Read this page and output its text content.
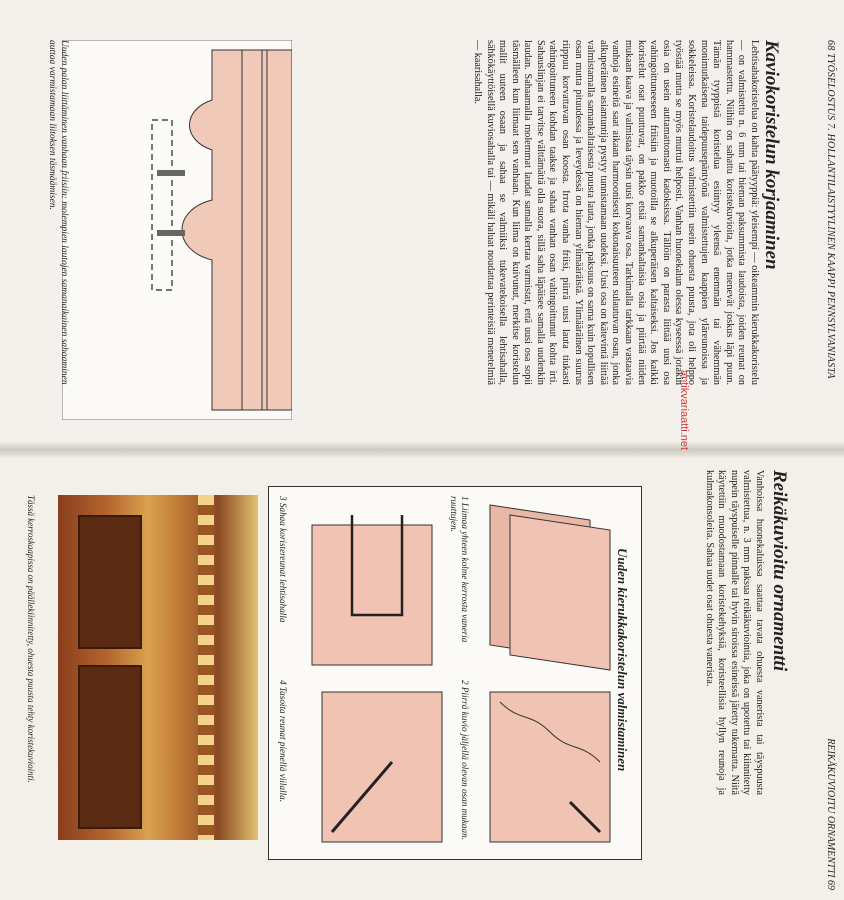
68 TYÖSELOSTUS 7. HOLLANTILAISTYYLINEN KAAPPI PENNSYLVANIASTA
Kaviokoristelun korjaaminen
Lehtisahakoristelua on kahta päätyyppiä: yleisempi — oikeammin kierukkakoristelu — on valmistettu n. 6 mm tai hieman paksummista laudoista, joiden reunat on hammastettu. Niihin on sahattu koristekuvioita, jotka menevät joskus läpi puun. Tämän tyyppistä koristelua esiintyy yleensä enemmän tai vähemmän monimutkaisena taidepuusepäntyönä valmistettujen kaappien yläreunoissa ja sokkeleissa. Koristelaudoitus valmistettiin usein ohuesta puusta, jota oli helppo työstää mutta se myös murtui helposti. Vanhan huonekalun olessa kyseessä jotakin osia on usein auttamattomasti kadoksissa. Tällöin on parasta liittää uusi osa vahingoittuneeseen friisiin ja muotoilla se alkuperäisen kaltaiseksi. Jos kaikki koristelut osat puuttuvat, on pakko etsiä samankaltaisia osia ja piirtää niiden mukaan kaava ja valmistaa täysin uusi korvaava osa. Tarkimalla tarkkaan vastaavia vanhoja esineitä saat aikaan harmoonisesti kokonaisuuteen sulautuvan osan, jonka alkuperäinen asiantuntija pystyy tunnistamaan uudeksi. Uusi osa on kätevintä liittää valmistamalla samankaltaisesta puusta lauta, jonka paksuus on sama kuin lopullisen osan mutta pituudessa ja leveydessä on hieman ylimääräistä. Ylimääräinen suurus riippuu korvattavan osan koosta. Irrota vanha friisi, piirrä uusi lauta tiukasti vahingoittuneen kohdan taakse ja sahaa vanhan osan vahingoittunut kohta irti. Sahauslinjan ei tarvitse välttämättä olla suora, sillä saha läpäisee samalla uudenkin laudan. Sahaamalla molemmat laudat samalla kertaa varmistat, että uusi osa sopii täsmälleen kun liimaat sen vanhaan. Kun liima on kuivunut, merkitse koristelun mallit uuteen osaan ja sahaa se valmiiksi tukevatekoisella lehtisahalla, sähkökäyttöisellä kuviosahalla tai — mikäli haluat noudattaa perinteisiä menetelmiä — kaarisahalla.
antikvariaatti.net
Uuden palan liittäminen vanhaan friisiin: molempien lautojen samanaikainen sahaaminen auttaa varmistamaan liitoksen täsmäämisen.
REIKÄKUVIOITU ORNAMENTTI 69
Reikäkuvioitu ornamentti
Vanhoissa huonekaluissa saattaa tavata ohuesta vanerista tai täyspuusta valmistettua, n. 3 mm paksua reikäkuviointia, joka on upotettu tai kiinnitetty nupein täyspuiselle pinnalle tai hyvin siroissa esineissä jätetty tukematta. Niitä käytettiin muodostamaan koristekehyksiä, koristeellisia hyllyn reunoja ja kulmakonsoleita. Sahaa uudet osat ohuesta vanerista.
Uuden kierukkakoristelun valmistaminen
1 Liimaa yhteen kolme kerrosta vaneria ruuttujen.
2 Piirrä kuvio jäljellä olevan osan mukaan.
3 Sahaa koristereunat lehtisahalla
4 Tasoita reunat pienellä viilalla.
Tässä kerroskaapissa on päällekiinnitetty, ohuesta puusta tehty koristekuviointi.
